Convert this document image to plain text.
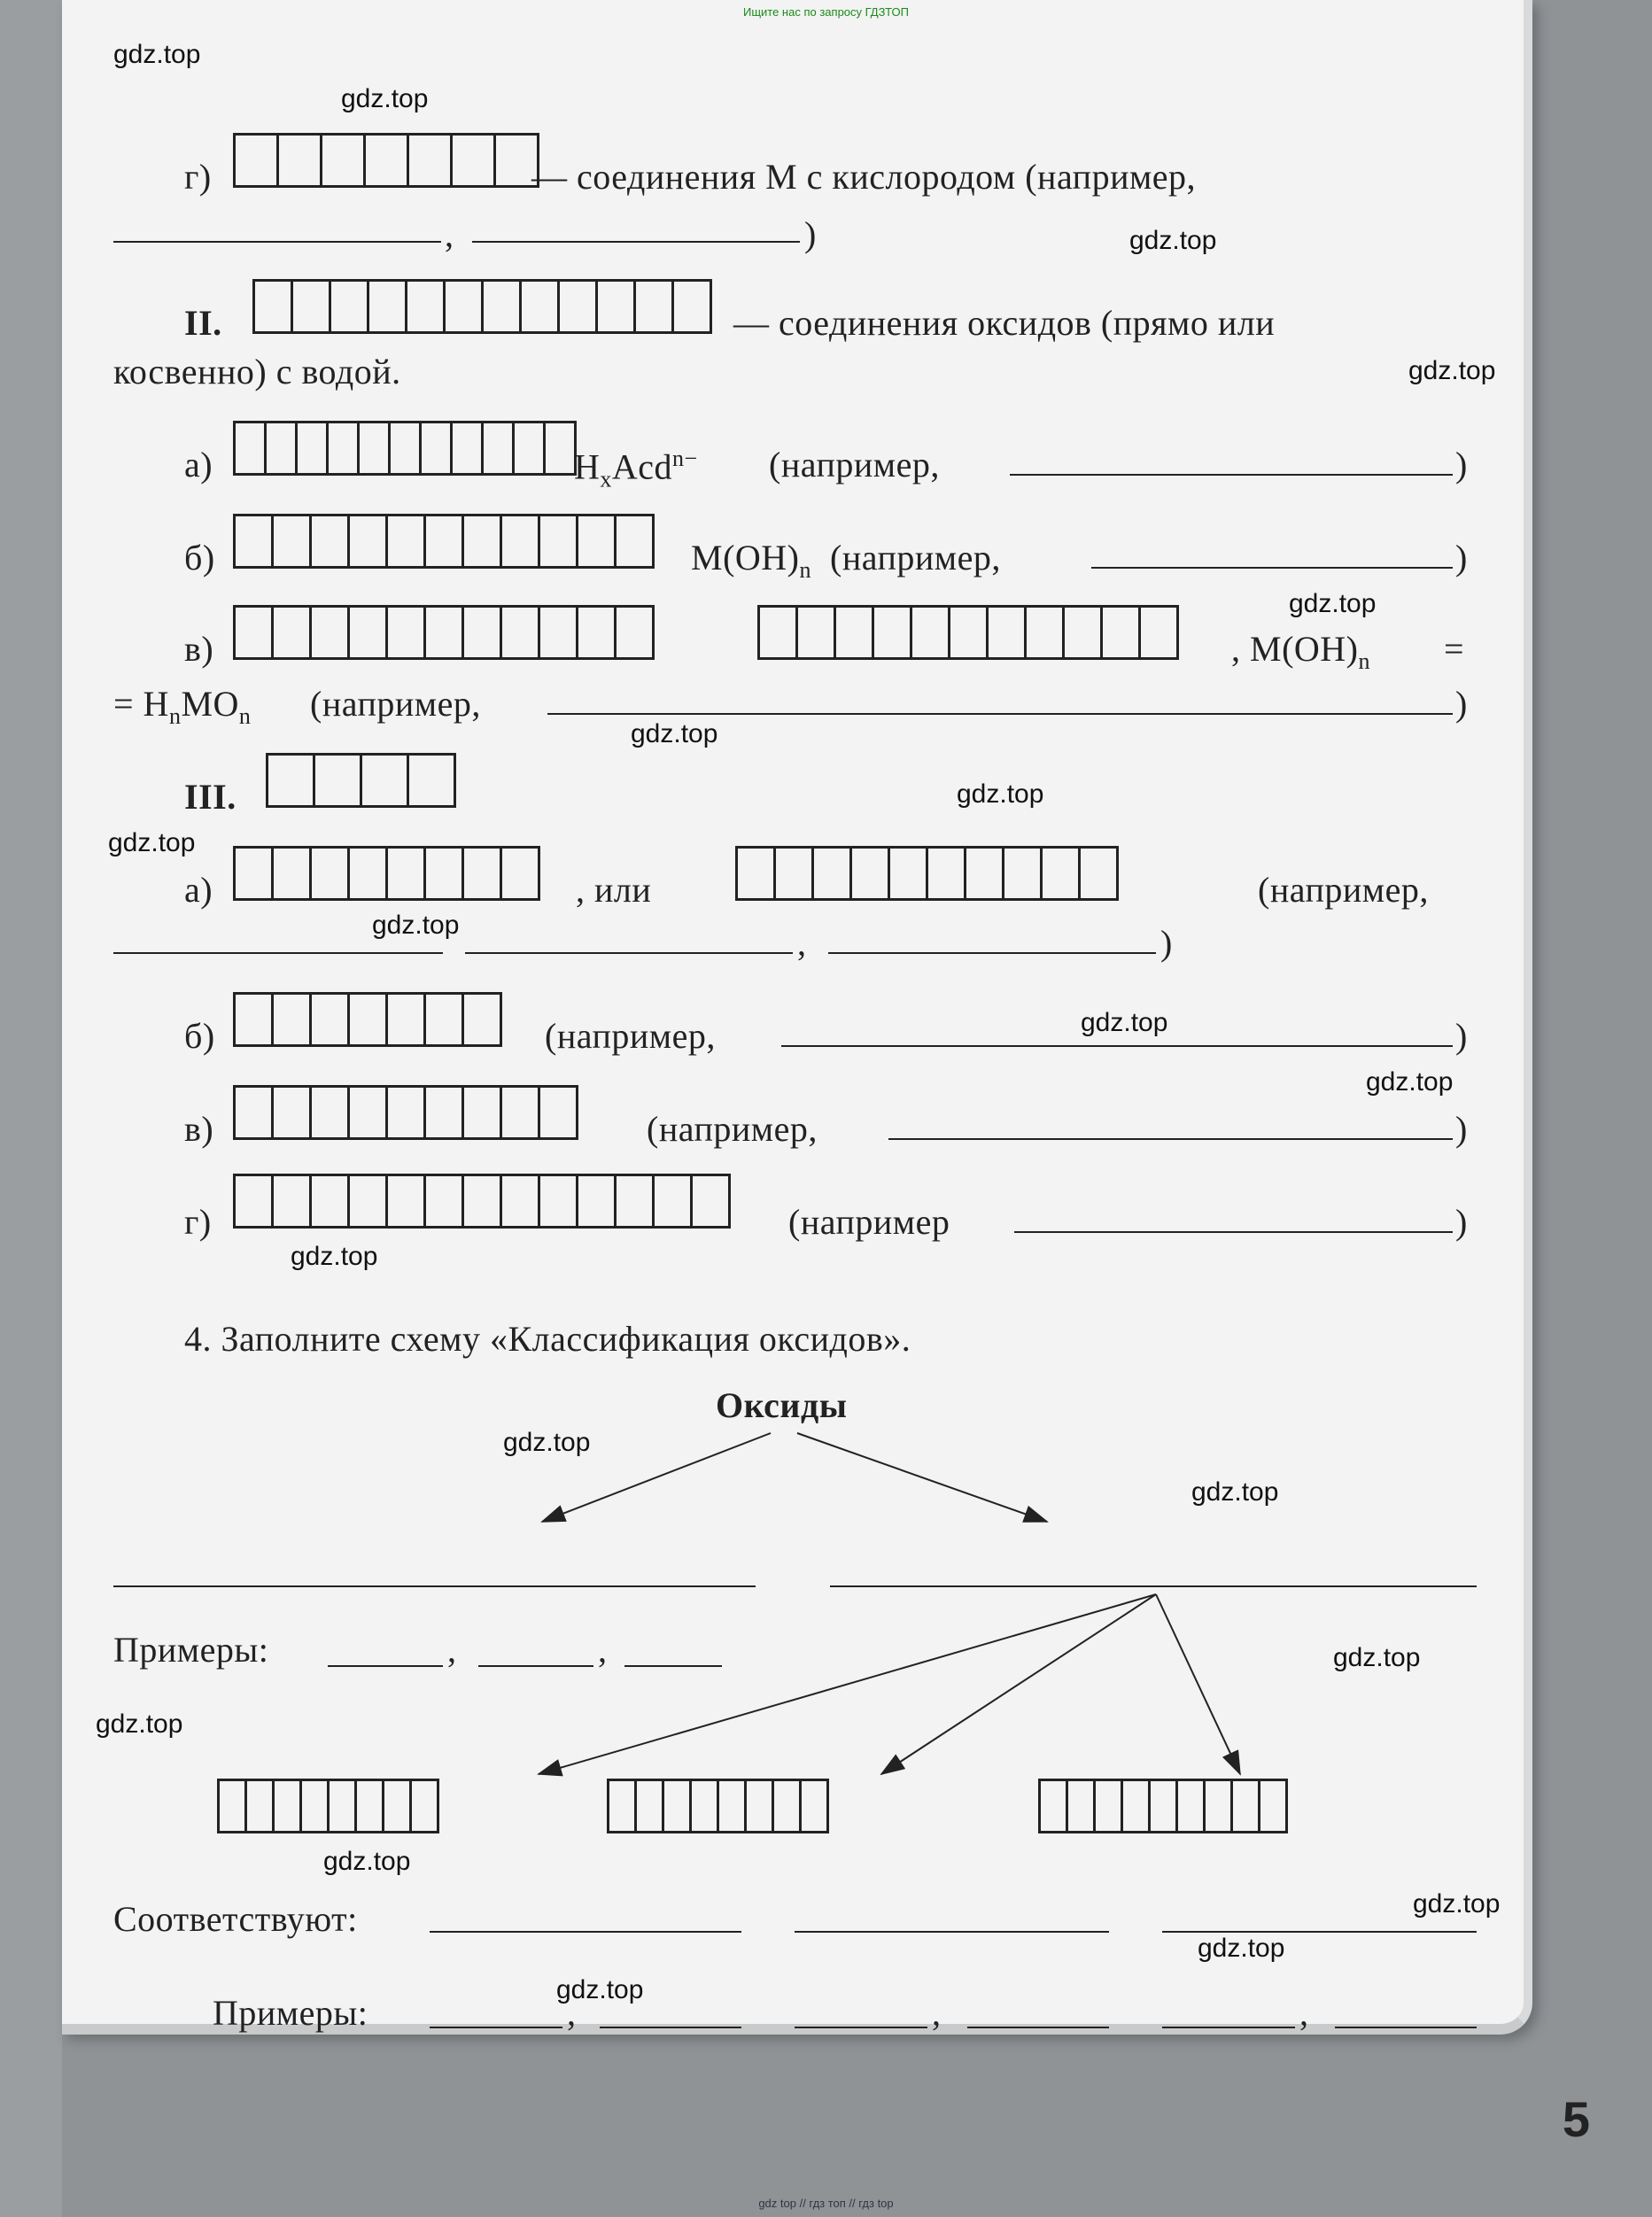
Ищите нас по запросу ГДЗТОП
г)	— соединения М с кислородом (например,
,	)
II.	— соединения оксидов (прямо или
косвенно) с водой.
а)	$H_xAcd^{n-}$ (например,	)
б)	$M(OH)_n$ (например,	)
в)	, $M(OH)_n$ =
= $H_nMO_n$ (например,	)
III.
а)	, или	(например,
,	)
б)	(например,	)
в)	(например,	)
г)	(например	)
4. Заполните схему «Классификация оксидов».
Оксиды
Примеры:	,	,
Соответствуют:
Примеры:	,	,	,
gdz.top
gdz.top
gdz.top
gdz.top
gdz.top
gdz.top
gdz.top
gdz.top
gdz.top
gdz.top
gdz.top
gdz.top
gdz.top
gdz.top
gdz.top
gdz.top
gdz.top
gdz.top
gdz.top
gdz.top
5
gdz top // гдз топ // гдз top
